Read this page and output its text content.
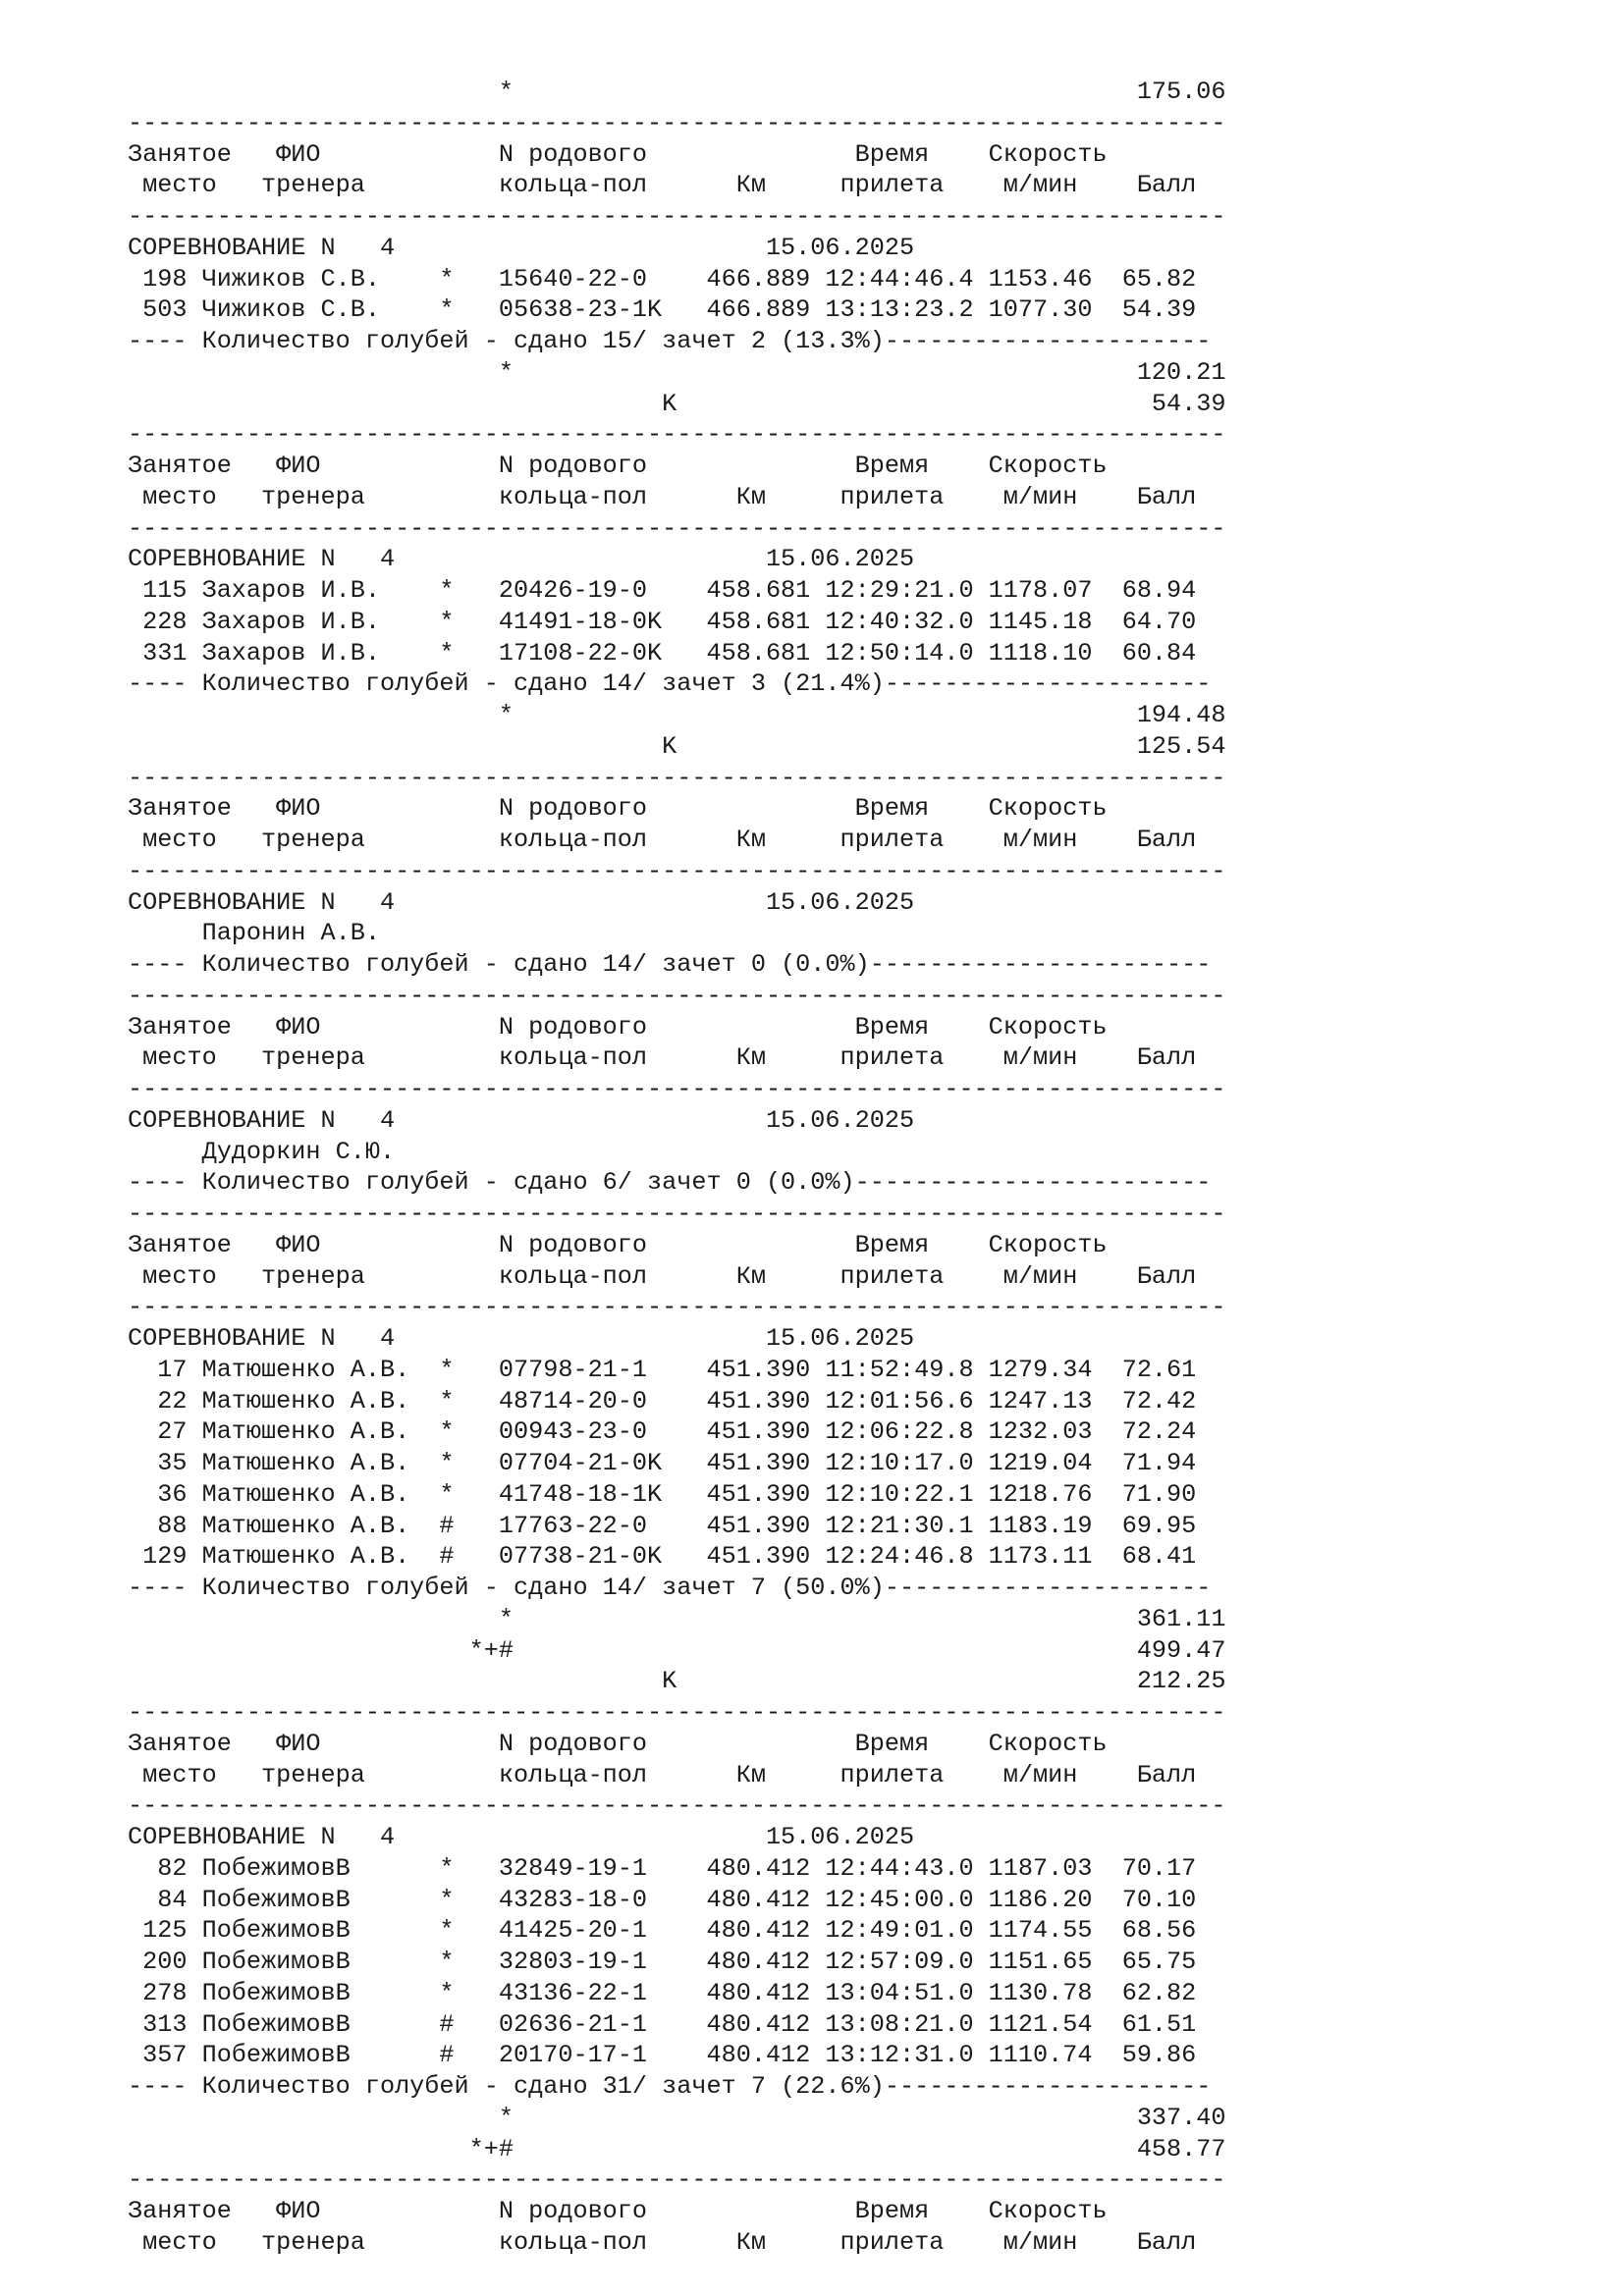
*                                          175.06
--------------------------------------------------------------------------
Занятое   ФИО            N родового              Время    Скорость
место   тренера         кольца-пол      Км     прилета    м/мин    Балл
--------------------------------------------------------------------------
СОРЕВНОВАНИЕ N   4                         15.06.2025
198 Чижиков С.В.    *   15640-22-0    466.889 12:44:46.4 1153.46  65.82
503 Чижиков С.В.    *   05638-23-1K   466.889 13:13:23.2 1077.30  54.39
---- Количество голубей - сдано 15/ зачет 2 (13.3%)----------------------
*                                          120.21
K                                54.39
--------------------------------------------------------------------------
Занятое   ФИО            N родового              Время    Скорость
место   тренера         кольца-пол      Км     прилета    м/мин    Балл
--------------------------------------------------------------------------
СОРЕВНОВАНИЕ N   4                         15.06.2025
115 Захаров И.В.    *   20426-19-0    458.681 12:29:21.0 1178.07  68.94
228 Захаров И.В.    *   41491-18-0K   458.681 12:40:32.0 1145.18  64.70
331 Захаров И.В.    *   17108-22-0K   458.681 12:50:14.0 1118.10  60.84
---- Количество голубей - сдано 14/ зачет 3 (21.4%)----------------------
*                                          194.48
K                               125.54
--------------------------------------------------------------------------
Занятое   ФИО            N родового              Время    Скорость
место   тренера         кольца-пол      Км     прилета    м/мин    Балл
--------------------------------------------------------------------------
СОРЕВНОВАНИЕ N   4                         15.06.2025
Паронин А.В.
---- Количество голубей - сдано 14/ зачет 0 (0.0%)-----------------------
--------------------------------------------------------------------------
Занятое   ФИО            N родового              Время    Скорость
место   тренера         кольца-пол      Км     прилета    м/мин    Балл
--------------------------------------------------------------------------
СОРЕВНОВАНИЕ N   4                         15.06.2025
Дудоркин С.Ю.
---- Количество голубей - сдано 6/ зачет 0 (0.0%)------------------------
--------------------------------------------------------------------------
Занятое   ФИО            N родового              Время    Скорость
место   тренера         кольца-пол      Км     прилета    м/мин    Балл
--------------------------------------------------------------------------
СОРЕВНОВАНИЕ N   4                         15.06.2025
17 Матюшенко А.В.  *   07798-21-1    451.390 11:52:49.8 1279.34  72.61
22 Матюшенко А.В.  *   48714-20-0    451.390 12:01:56.6 1247.13  72.42
27 Матюшенко А.В.  *   00943-23-0    451.390 12:06:22.8 1232.03  72.24
35 Матюшенко А.В.  *   07704-21-0K   451.390 12:10:17.0 1219.04  71.94
36 Матюшенко А.В.  *   41748-18-1K   451.390 12:10:22.1 1218.76  71.90
88 Матюшенко А.В.  #   17763-22-0    451.390 12:21:30.1 1183.19  69.95
129 Матюшенко А.В.  #   07738-21-0K   451.390 12:24:46.8 1173.11  68.41
---- Количество голубей - сдано 14/ зачет 7 (50.0%)----------------------
*                                          361.11
*+#                                          499.47
K                               212.25
--------------------------------------------------------------------------
Занятое   ФИО            N родового              Время    Скорость
место   тренера         кольца-пол      Км     прилета    м/мин    Балл
--------------------------------------------------------------------------
СОРЕВНОВАНИЕ N   4                         15.06.2025
82 ПобежимовВ      *   32849-19-1    480.412 12:44:43.0 1187.03  70.17
84 ПобежимовВ      *   43283-18-0    480.412 12:45:00.0 1186.20  70.10
125 ПобежимовВ      *   41425-20-1    480.412 12:49:01.0 1174.55  68.56
200 ПобежимовВ      *   32803-19-1    480.412 12:57:09.0 1151.65  65.75
278 ПобежимовВ      *   43136-22-1    480.412 13:04:51.0 1130.78  62.82
313 ПобежимовВ      #   02636-21-1    480.412 13:08:21.0 1121.54  61.51
357 ПобежимовВ      #   20170-17-1    480.412 13:12:31.0 1110.74  59.86
---- Количество голубей - сдано 31/ зачет 7 (22.6%)----------------------
*                                          337.40
*+#                                          458.77
--------------------------------------------------------------------------
Занятое   ФИО            N родового              Время    Скорость
место   тренера         кольца-пол      Км     прилета    м/мин    Балл
